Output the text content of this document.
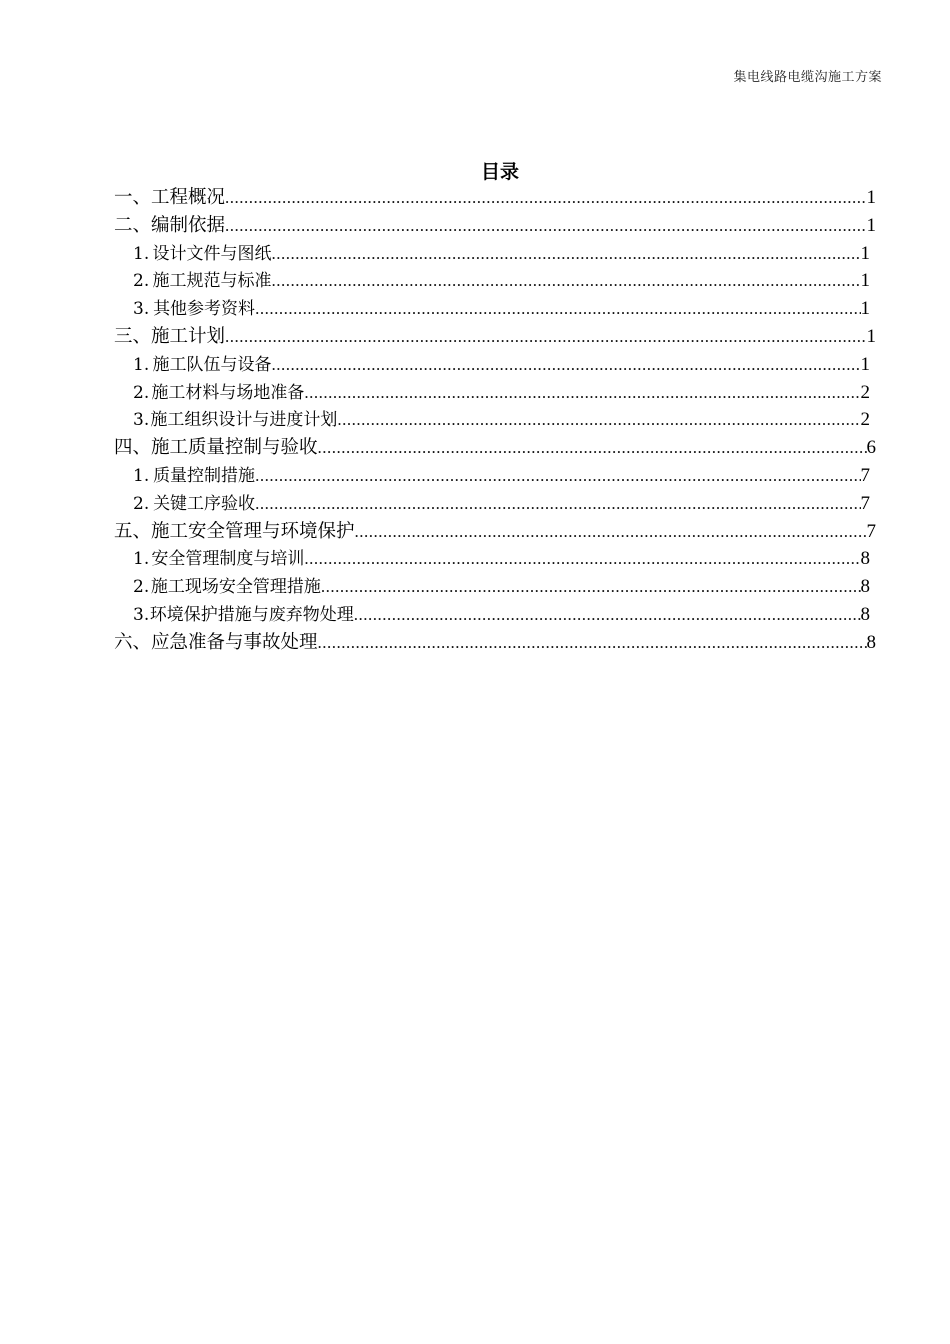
集电线路电缆沟施工方案
目录
一、 工程概况 .....	1
二、 编制依据 .....	1
1. 设计文件与图纸 .....	1
2. 施工规范与标准 .....	1
3. 其他参考资料 .....	1
三、 施工计划 .....	1
1. 施工队伍与设备 .....	1
2. 施工材料与场地准备 .....	2
3. 施工组织设计与进度计划 .....	2
四、 施工质量控制与验收 .....	6
1. 质量控制措施 .....	7
2. 关键工序验收 .....	7
五、 施工安全管理与环境保护 .....	7
1. 安全管理制度与培训 .....	8
2. 施工现场安全管理措施 .....	8
3. 环境保护措施与废弃物处理 .....	8
六、 应急准备与事故处理 .....	8
